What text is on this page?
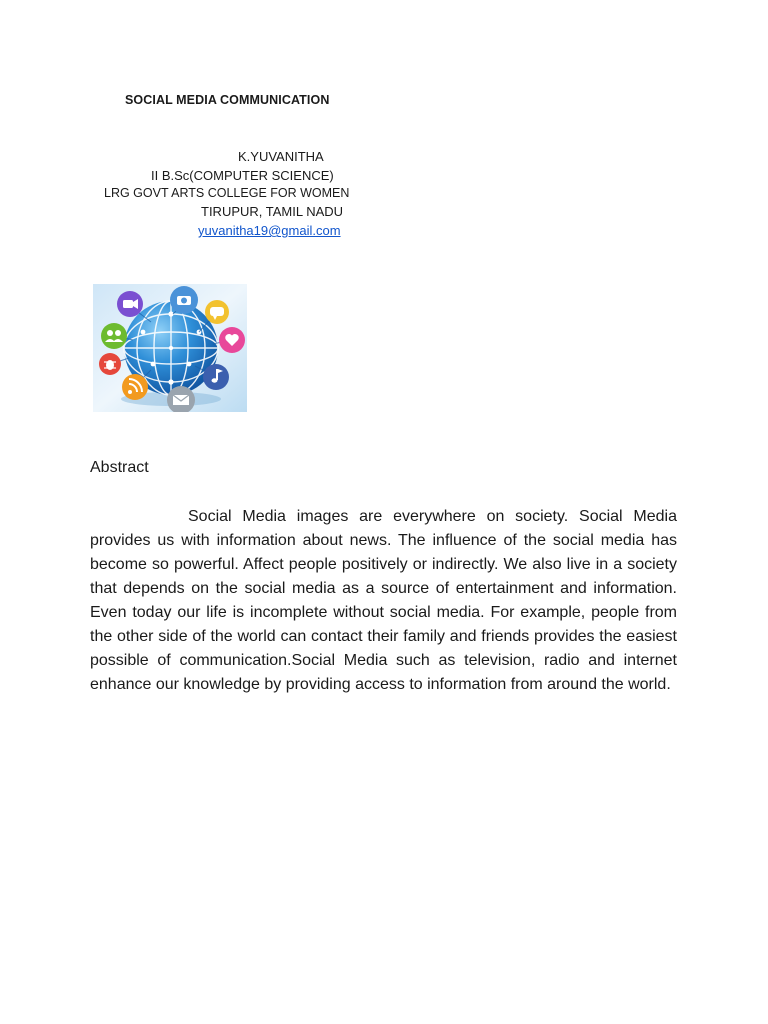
SOCIAL MEDIA COMMUNICATION
K.YUVANITHA
II B.Sc(COMPUTER SCIENCE)
LRG GOVT ARTS COLLEGE FOR WOMEN
TIRUPUR, TAMIL NADU
yuvanitha19@gmail.com
Abstract

Social Media images are everywhere on society. Social Media provides us with information about news. The influence of the social media has become so powerful. Affect people positively or indirectly. We also live in a society that depends on the social media as a source of entertainment and information. Even today our life is incomplete without social media. For example, people from the other side of the world can contact their family and friends provides the easiest possible of communication.Social Media such as television, radio and internet enhance our knowledge by providing access to information from around the world.
